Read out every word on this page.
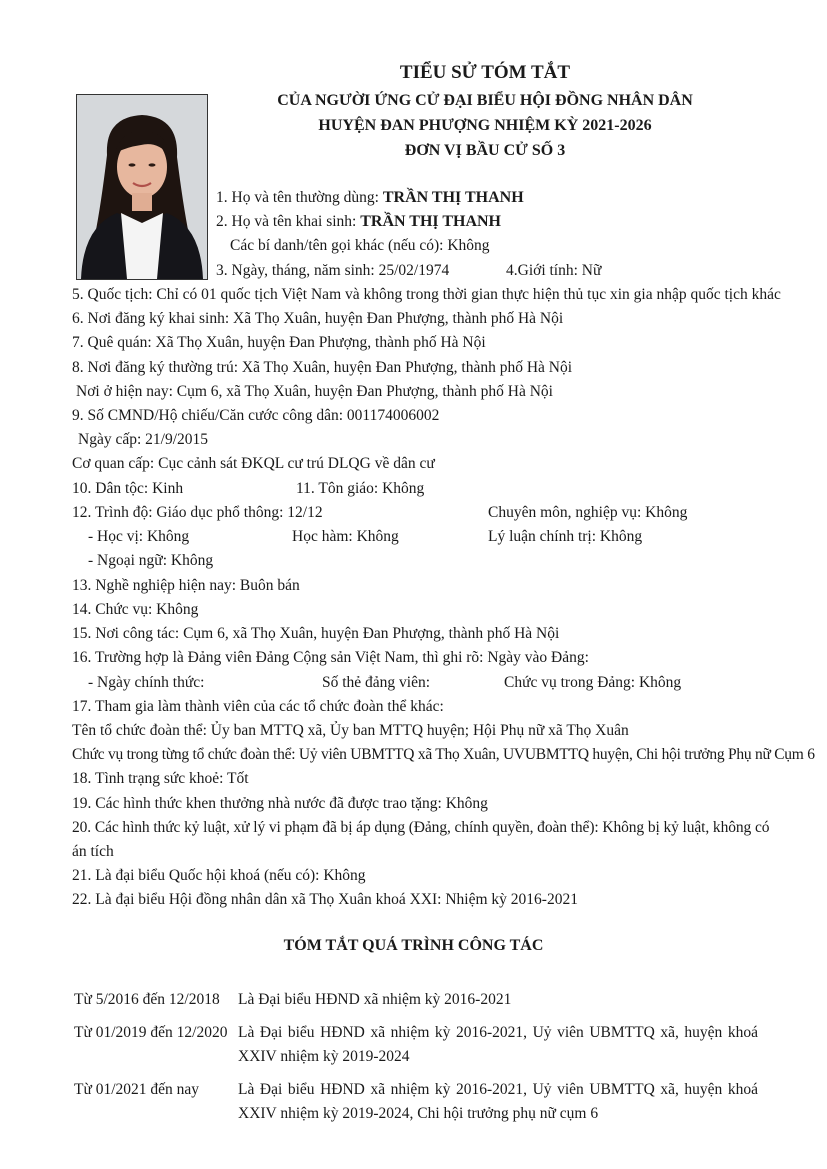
TIỂU SỬ TÓM TẮT
CỦA NGƯỜI ỨNG CỬ ĐẠI BIỂU HỘI ĐỒNG NHÂN DÂN
HUYỆN ĐAN PHƯỢNG NHIỆM KỲ 2021-2026
ĐƠN VỊ BẦU CỬ SỐ 3
1. Họ và tên thường dùng: TRẦN THỊ THANH
2. Họ và tên khai sinh: TRẦN THỊ THANH
Các bí danh/tên gọi khác (nếu có): Không
3. Ngày, tháng, năm sinh: 25/02/1974	4.Giới tính: Nữ
5. Quốc tịch: Chỉ có 01 quốc tịch Việt Nam và không trong thời gian thực hiện thủ tục xin gia nhập quốc tịch khác
6. Nơi đăng ký khai sinh: Xã Thọ Xuân, huyện Đan Phượng, thành phố Hà Nội
7. Quê quán: Xã Thọ Xuân, huyện Đan Phượng, thành phố Hà Nội
8. Nơi đăng ký thường trú: Xã Thọ Xuân, huyện Đan Phượng, thành phố Hà Nội
Nơi ở hiện nay: Cụm 6, xã Thọ Xuân, huyện Đan Phượng, thành phố Hà Nội
9. Số CMND/Hộ chiếu/Căn cước công dân: 001174006002
Ngày cấp: 21/9/2015
Cơ quan cấp: Cục cảnh sát ĐKQL cư trú DLQG về dân cư
10. Dân tộc: Kinh	11. Tôn giáo: Không
12. Trình độ: Giáo dục phổ thông: 12/12	Chuyên môn, nghiệp vụ: Không
- Học vị: Không	Học hàm: Không	Lý luận chính trị: Không
- Ngoại ngữ: Không
13. Nghề nghiệp hiện nay: Buôn bán
14. Chức vụ: Không
15. Nơi công tác: Cụm 6, xã Thọ Xuân, huyện Đan Phượng, thành phố Hà Nội
16. Trường hợp là Đảng viên Đảng Cộng sản Việt Nam, thì ghi rõ: Ngày vào Đảng:
- Ngày chính thức:	Số thẻ đảng viên:	Chức vụ trong Đảng: Không
17. Tham gia làm thành viên của các tổ chức đoàn thể khác:
Tên tổ chức đoàn thể: Ủy ban MTTQ xã, Ủy ban MTTQ huyện; Hội Phụ nữ xã Thọ Xuân
Chức vụ trong từng tổ chức đoàn thể: Uỷ viên UBMTTQ xã Thọ Xuân, UVUBMTTQ huyện, Chi hội trưởng Phụ nữ Cụm 6
18. Tình trạng sức khoẻ: Tốt
19. Các hình thức khen thưởng nhà nước đã được trao tặng: Không
20. Các hình thức kỷ luật, xử lý vi phạm đã bị áp dụng (Đảng, chính quyền, đoàn thể): Không bị kỷ luật, không có
án tích
21. Là đại biểu Quốc hội khoá (nếu có): Không
22. Là đại biểu Hội đồng nhân dân xã Thọ Xuân khoá XXI: Nhiệm kỳ 2016-2021
TÓM TẮT QUÁ TRÌNH CÔNG TÁC
Từ 5/2016 đến 12/2018 Là Đại biểu HĐND xã nhiệm kỳ 2016-2021
Từ 01/2019 đến 12/2020 Là Đại biểu HĐND xã nhiệm kỳ 2016-2021, Uỷ viên UBMTTQ xã, huyện khoá XXIV nhiệm kỳ 2019-2024
Từ 01/2021 đến nay	Là Đại biểu HĐND xã nhiệm kỳ 2016-2021, Uỷ viên UBMTTQ xã, huyện khoá XXIV nhiệm kỳ 2019-2024, Chi hội trưởng phụ nữ cụm 6
